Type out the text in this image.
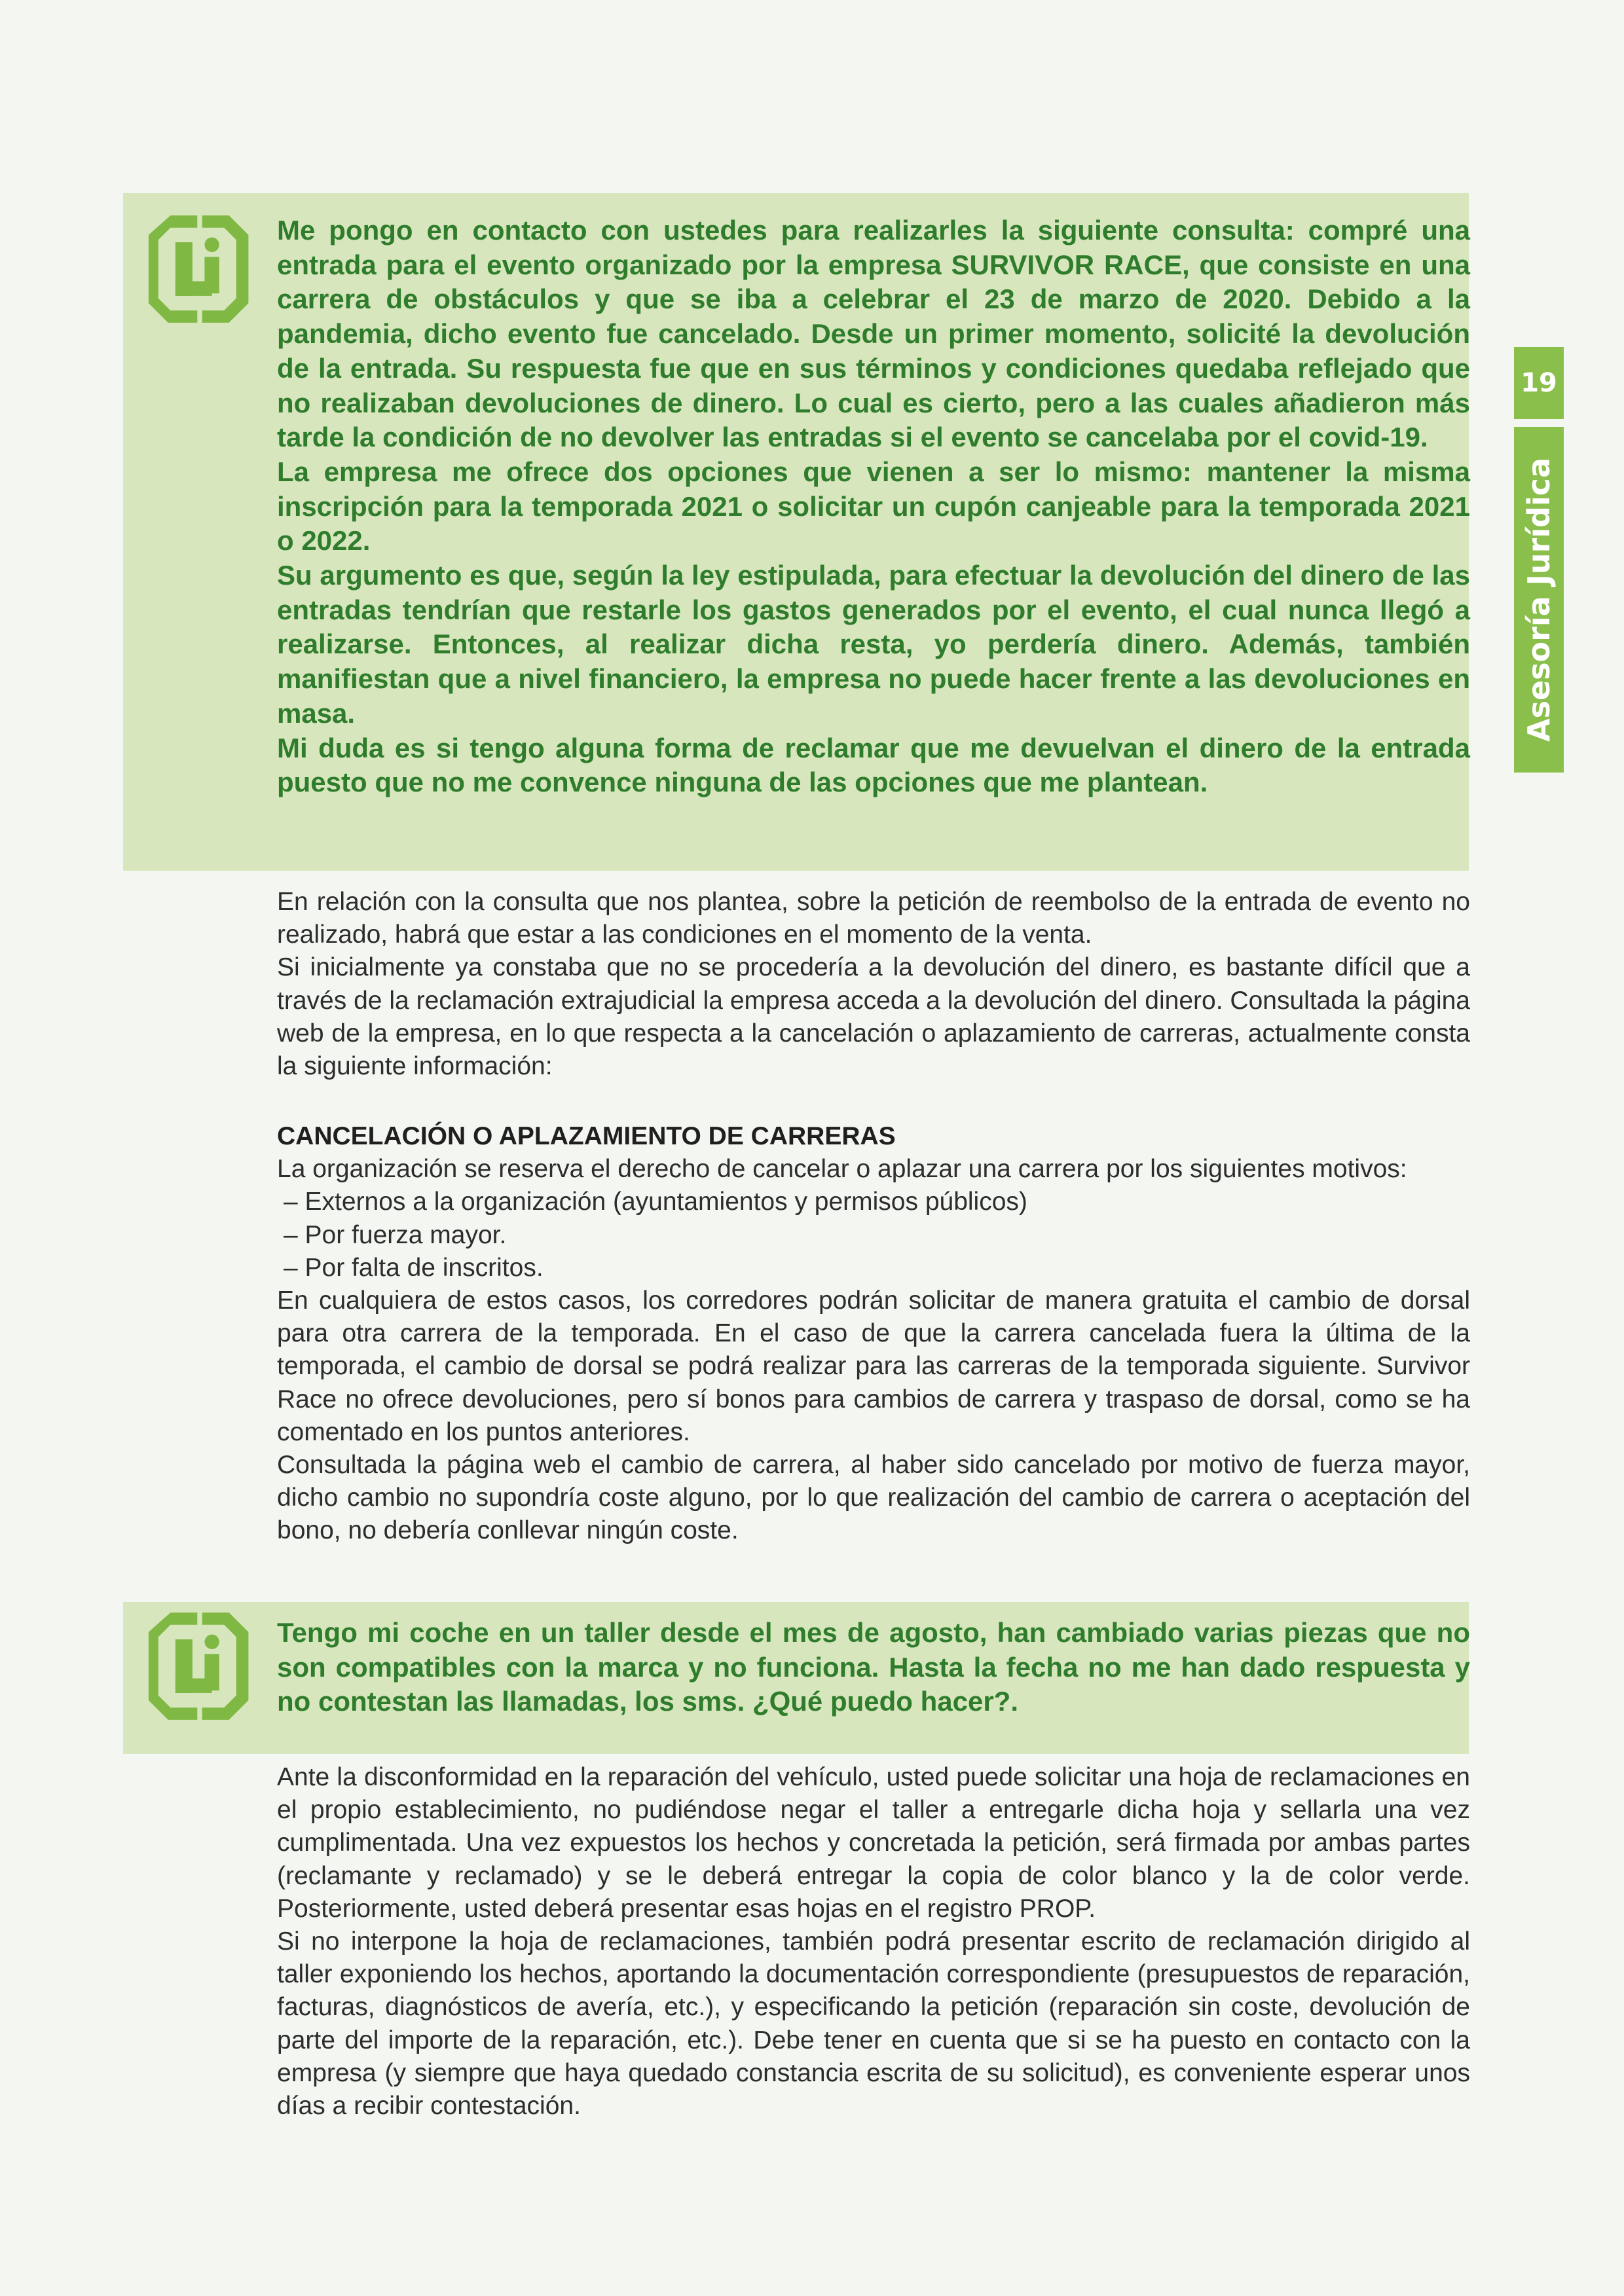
19
Asesoría Jurídica

Me pongo en contacto con ustedes para realizarles la siguiente consulta: compré una entrada para el evento organizado por la empresa SURVIVOR RACE, que consiste en una carrera de obstáculos y que se iba a celebrar el 23 de marzo de 2020. Debido a la pandemia, dicho evento fue cancelado. Desde un primer momento, solicité la devolución de la entrada. Su respuesta fue que en sus términos y condiciones quedaba reflejado que no realizaban devoluciones de dinero. Lo cual es cierto, pero a las cuales añadieron más tarde la condición de no devolver las entradas si el evento se cancelaba por el covid-19.

La empresa me ofrece dos opciones que vienen a ser lo mismo: mantener la misma inscripción para la temporada 2021 o solicitar un cupón canjeable para la temporada 2021 o 2022.

Su argumento es que, según la ley estipulada, para efectuar la devolución del dinero de las entradas tendrían que restarle los gastos generados por el evento, el cual nunca llegó a realizarse. Entonces, al realizar dicha resta, yo perdería dinero. Además, también manifiestan que a nivel financiero, la empresa no puede hacer frente a las devoluciones en masa.

Mi duda es si tengo alguna forma de reclamar que me devuelvan el dinero de la entrada puesto que no me convence ninguna de las opciones que me plantean.

En relación con la consulta que nos plantea, sobre la petición de reembolso de la entrada de evento no realizado, habrá que estar a las condiciones en el momento de la venta.

Si inicialmente ya constaba que no se procedería a la devolución del dinero, es bastante difícil que a través de la reclamación extrajudicial la empresa acceda a la devolución del dinero. Consultada la página web de la empresa, en lo que respecta a la cancelación o aplazamiento de carreras, actualmente consta la siguiente información:

CANCELACIÓN O APLAZAMIENTO DE CARRERAS

La organización se reserva el derecho de cancelar o aplazar una carrera por los siguientes motivos:

– Externos a la organización (ayuntamientos y permisos públicos)

– Por fuerza mayor.

– Por falta de inscritos.

En cualquiera de estos casos, los corredores podrán solicitar de manera gratuita el cambio de dorsal para otra carrera de la temporada. En el caso de que la carrera cancelada fuera la última de la temporada, el cambio de dorsal se podrá realizar para las carreras de la temporada siguiente. Survivor Race no ofrece devoluciones, pero sí bonos para cambios de carrera y traspaso de dorsal, como se ha comentado en los puntos anteriores.

Consultada la página web el cambio de carrera, al haber sido cancelado por motivo de fuerza mayor, dicho cambio no supondría coste alguno, por lo que realización del cambio de carrera o aceptación del bono, no debería conllevar ningún coste.

Tengo mi coche en un taller desde el mes de agosto, han cambiado varias piezas que no son compatibles con la marca y no funciona. Hasta la fecha no me han dado respuesta y no contestan las llamadas, los sms. ¿Qué puedo hacer?.

Ante la disconformidad en la reparación del vehículo, usted puede solicitar una hoja de reclamaciones en el propio establecimiento, no pudiéndose negar el taller a entregarle dicha hoja y sellarla una vez cumplimentada. Una vez expuestos los hechos y concretada la petición, será firmada por ambas partes (reclamante y reclamado) y se le deberá entregar la copia de color blanco y la de color verde. Posteriormente, usted deberá presentar esas hojas en el registro PROP.

Si no interpone la hoja de reclamaciones, también podrá presentar escrito de reclamación dirigido al taller exponiendo los hechos, aportando la documentación correspondiente (presupuestos de reparación, facturas, diagnósticos de avería, etc.), y especificando la petición (reparación sin coste, devolución de parte del importe de la reparación, etc.). Debe tener en cuenta que si se ha puesto en contacto con la empresa (y siempre que haya quedado constancia escrita de su solicitud), es conveniente esperar unos días a recibir contestación.
